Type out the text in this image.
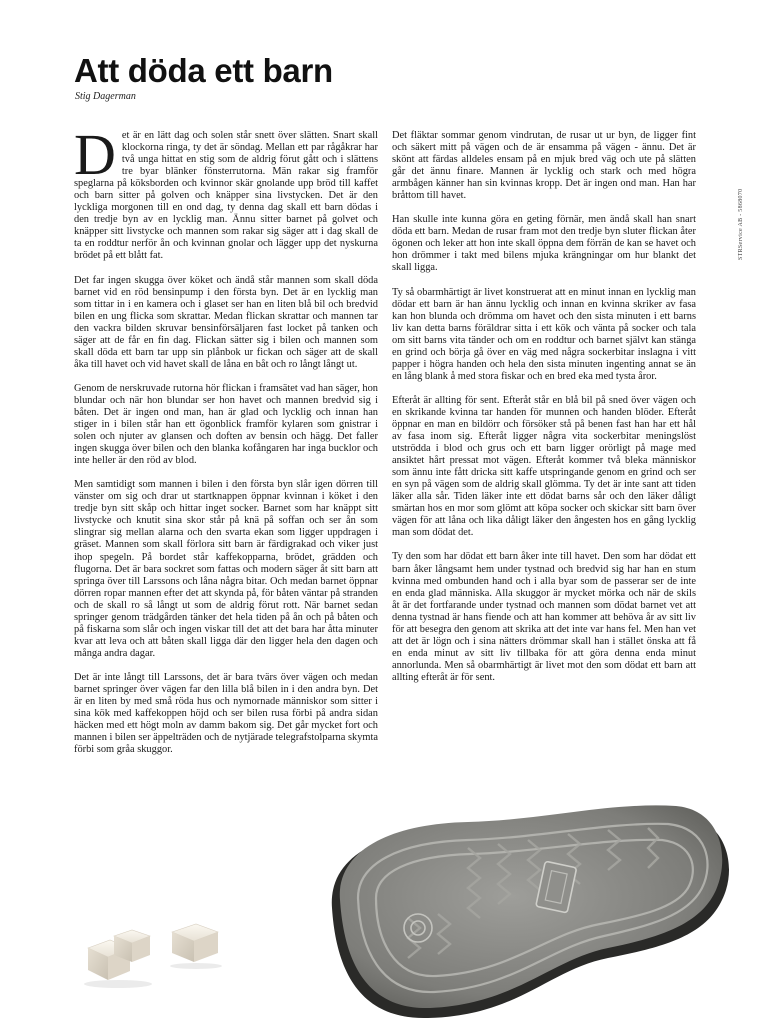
Att döda ett barn
Stig Dagerman

Det är en lätt dag och solen står snett över slätten. Snart skall klockorna ringa, ty det är söndag. Mellan ett par rågåkrar har två unga hittat en stig som de aldrig förut gått och i slättens tre byar blänker fönsterrutorna. Män rakar sig framför speglarna på köksborden och kvinnor skär gnolande upp bröd till kaffet och barn sitter på golven och knäpper sina livstycken. Det är den lyckliga morgonen till en ond dag, ty denna dag skall ett barn dödas i den tredje byn av en lycklig man. Ännu sitter barnet på golvet och knäpper sitt livstycke och mannen som rakar sig säger att i dag skall de ta en roddtur nerför ån och kvinnan gnolar och lägger upp det nyskurna brödet på ett blått fat.

Det far ingen skugga över köket och ändå står mannen som skall döda barnet vid en röd bensinpump i den första byn. Det är en lycklig man som tittar in i en kamera och i glaset ser han en liten blå bil och bredvid bilen en ung flicka som skrattar. Medan flickan skrattar och mannen tar den vackra bilden skruvar bensinförsäljaren fast locket på tanken och säger att de får en fin dag. Flickan sätter sig i bilen och mannen som skall döda ett barn tar upp sin plånbok ur fickan och säger att de skall åka till havet och vid havet skall de låna en båt och ro långt långt ut.

Genom de nerskruvade rutorna hör flickan i framsätet vad han säger, hon blundar och när hon blundar ser hon havet och mannen bredvid sig i båten. Det är ingen ond man, han är glad och lycklig och innan han stiger in i bilen står han ett ögonblick framför kylaren som gnistrar i solen och njuter av glansen och doften av bensin och hägg. Det faller ingen skugga över bilen och den blanka kofångaren har inga bucklor och inte heller är den röd av blod.

Men samtidigt som mannen i bilen i den första byn slår igen dörren till vänster om sig och drar ut startknappen öppnar kvinnan i köket i den tredje byn sitt skåp och hittar inget socker. Barnet som har knäppt sitt livstycke och knutit sina skor står på knä på soffan och ser ån som slingrar sig mellan alarna och den svarta ekan som ligger uppdragen i gräset. Mannen som skall förlora sitt barn är färdigrakad och viker just ihop spegeln. På bordet står kaffekopparna, brödet, grädden och flugorna. Det är bara sockret som fattas och modern säger åt sitt barn att springa över till Larssons och låna några bitar. Och medan barnet öppnar dörren ropar mannen efter det att skynda på, för båten väntar på stranden och de skall ro så långt ut som de aldrig förut rott. När barnet sedan springer genom trädgården tänker det hela tiden på ån och på båten och på fiskarna som slår och ingen viskar till det att det bara har åtta minuter kvar att leva och att båten skall ligga där den ligger hela den dagen och många andra dagar.

Det är inte långt till Larssons, det är bara tvärs över vägen och medan barnet springer över vägen far den lilla blå bilen in i den andra byn. Det är en liten by med små röda hus och nymornade människor som sitter i sina kök med kaffekoppen höjd och ser bilen rusa förbi på andra sidan häcken med ett högt moln av damm bakom sig. Det går mycket fort och mannen i bilen ser äppelträden och de nytjärade telegrafstolparna skymta förbi som gråa skuggor.

Det fläktar sommar genom vindrutan, de rusar ut ur byn, de ligger fint och säkert mitt på vägen och de är ensamma på vägen - ännu. Det är skönt att färdas alldeles ensam på en mjuk bred väg och ute på slätten går det ännu finare. Mannen är lycklig och stark och med högra armbågen känner han sin kvinnas kropp. Det är ingen ond man. Han har bråttom till havet.

Han skulle inte kunna göra en geting förnär, men ändå skall han snart döda ett barn. Medan de rusar fram mot den tredje byn sluter flickan åter ögonen och leker att hon inte skall öppna dem förrän de kan se havet och hon drömmer i takt med bilens mjuka krängningar om hur blankt det skall ligga.

Ty så obarmhärtigt är livet konstruerat att en minut innan en lycklig man dödar ett barn är han ännu lycklig och innan en kvinna skriker av fasa kan hon blunda och drömma om havet och den sista minuten i ett barns liv kan detta barns föräldrar sitta i ett kök och vänta på socker och tala om sitt barns vita tänder och om en roddtur och barnet självt kan stänga en grind och börja gå över en väg med några sockerbitar inslagna i vitt papper i högra handen och hela den sista minuten ingenting annat se än en lång blank å med stora fiskar och en bred eka med tysta åror.

Efteråt är allting för sent. Efteråt står en blå bil på sned över vägen och en skrikande kvinna tar handen för munnen och handen blöder. Efteråt öppnar en man en bildörr och försöker stå på benen fast han har ett hål av fasa inom sig. Efteråt ligger några vita sockerbitar meningslöst utströdda i blod och grus och ett barn ligger orörligt på mage med ansiktet hårt pressat mot vägen. Efteråt kommer två bleka människor som ännu inte fått dricka sitt kaffe utspringande genom en grind och ser en syn på vägen som de aldrig skall glömma. Ty det är inte sant att tiden läker alla sår. Tiden läker inte ett dödat barns sår och den läker dåligt smärtan hos en mor som glömt att köpa socker och skickar sitt barn över vägen för att låna och lika dåligt läker den ångesten hos en gång lycklig man som dödat det.

Ty den som har dödat ett barn åker inte till havet. Den som har dödat ett barn åker långsamt hem under tystnad och bredvid sig har han en stum kvinna med ombunden hand och i alla byar som de passerar ser de inte en enda glad människa. Alla skuggor är mycket mörka och när de skils åt är det fortfarande under tystnad och mannen som dödat barnet vet att denna tystnad är hans fiende och att han kommer att behöva år av sitt liv för att besegra den genom att skrika att det inte var hans fel. Men han vet att det är lögn och i sina nätters drömmar skall han i stället önska att få en enda minut av sitt liv tillbaka för att göra denna enda minut annorlunda. Men så obarmhärtigt är livet mot den som dödat ett barn att allting efteråt är för sent.

STRService AB - 5868070
